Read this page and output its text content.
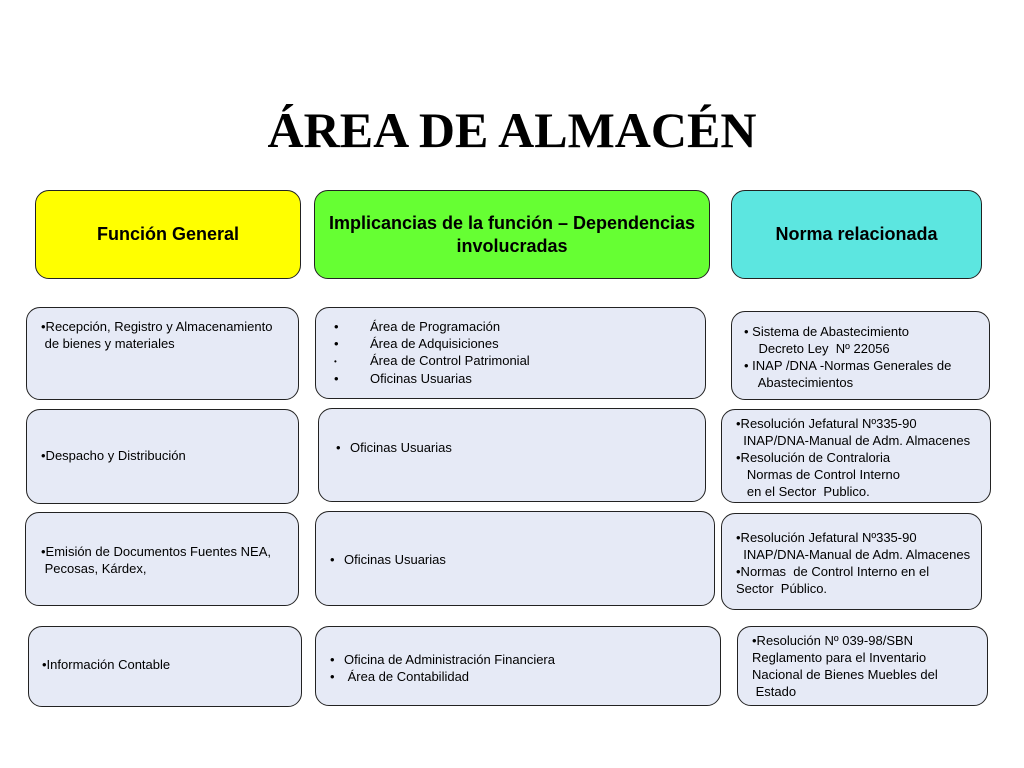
ÁREA DE ALMACÉN
Función General
Implicancias de la función – Dependencias involucradas
Norma relacionada
•Recepción, Registro y Almacenamiento
de bienes y materiales
• Área de Programación
• Área de Adquisiciones
•	Área de Control Patrimonial
• Oficinas Usuarias
• Sistema de Abastecimiento
Decreto Ley  Nº 22056
• INAP /DNA -Normas Generales de
Abastecimientos
•Despacho y Distribución
• Oficinas Usuarias
•Resolución Jefatural Nº335-90
INAP/DNA-Manual de Adm. Almacenes
•Resolución de Contraloria
Normas de Control Interno
en el Sector  Publico.
•Emisión de Documentos Fuentes NEA,
Pecosas, Kárdex,
• Oficinas Usuarias
•Resolución Jefatural Nº335-90
INAP/DNA-Manual de Adm. Almacenes
•Normas  de Control Interno en el
Sector  Público.
•Información Contable	• Oficina de Administración Financiera
• Área de Contabilidad
•Resolución Nº 039-98/SBN
Reglamento para el Inventario
Nacional de Bienes Muebles del
Estado
